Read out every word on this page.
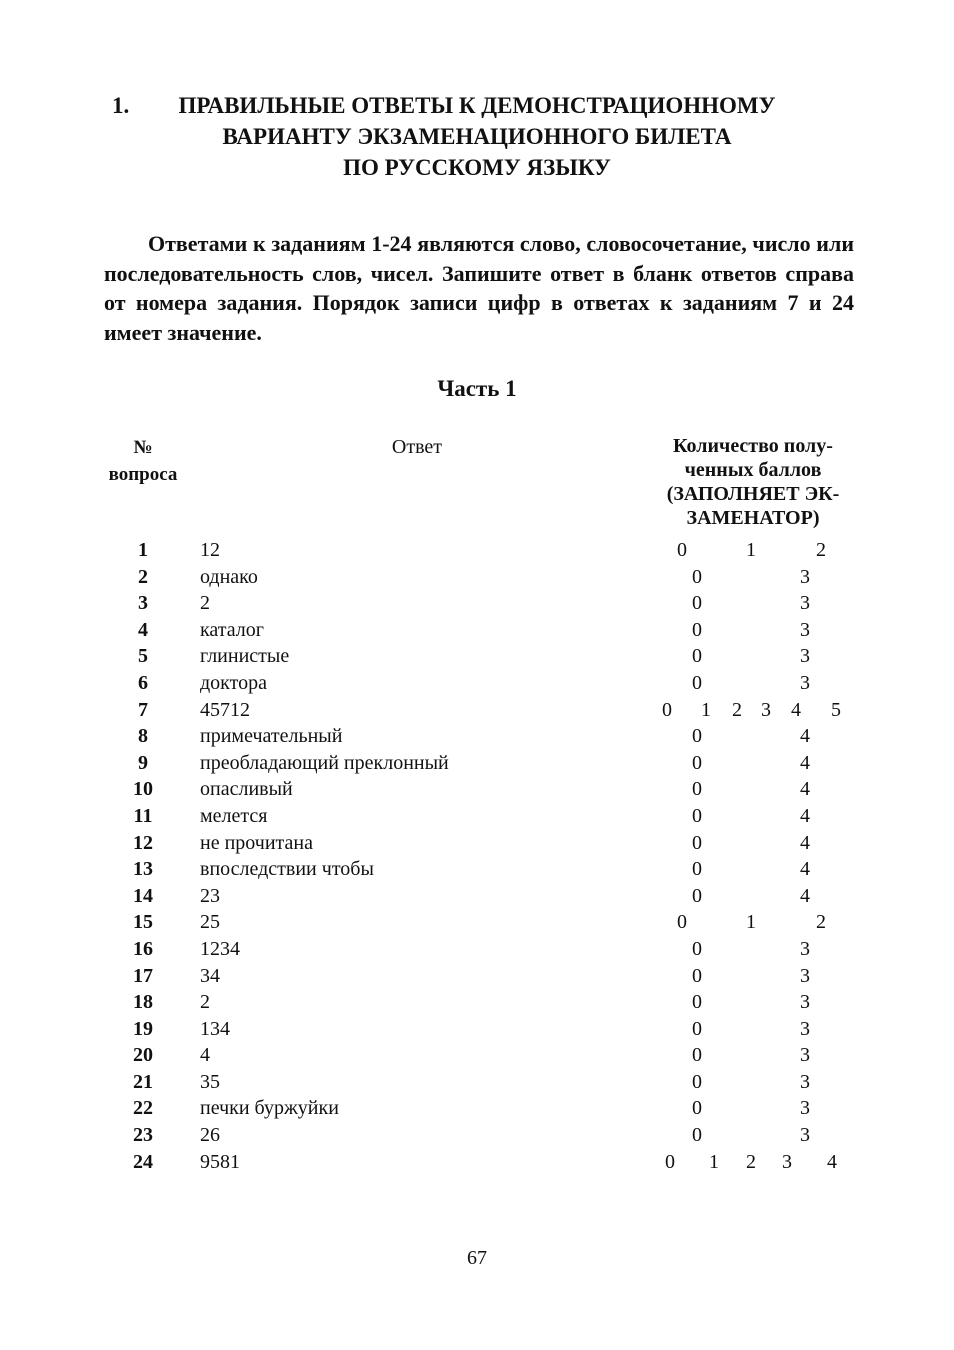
1. ПРАВИЛЬНЫЕ ОТВЕТЫ К ДЕМОНСТРАЦИОННОМУ
ВАРИАНТУ ЭКЗАМЕНАЦИОННОГО БИЛЕТА
ПО РУССКОМУ ЯЗЫКУ
Ответами к заданиям 1-24 являются слово, словосочетание, число или последовательность слов, чисел. Запишите ответ в бланк ответов справа от номера задания. Порядок записи цифр в ответах к заданиям 7 и 24 имеет значение.
Часть 1
№
вопроса
Ответ	Количество полу-
ченных баллов
(ЗАПОЛНЯЕТ ЭК-
ЗАМЕНАТОР)
1	12	0	1	2
2	однако	0	3
3	2	0	3
4	каталог	0	3
5	глинистые	0	3
6	доктора	0	3
7	45712	0	1	2 3	4	5
8	примечательный	0	4
9	преобладающий преклонный	0	4
10	опасливый	0	4
11	мелется	0	4
12	не прочитана	0	4
13	впоследствии чтобы	0	4
14	23	0	4
15	25	0	1	2
16	1234	0	3
17	34	0	3
18	2	0	3
19	134	0	3
20	4	0	3
21	35	0	3
22	печки буржуйки	0	3
23	26	0	3
24	9581	0	1	2	3	4
67
